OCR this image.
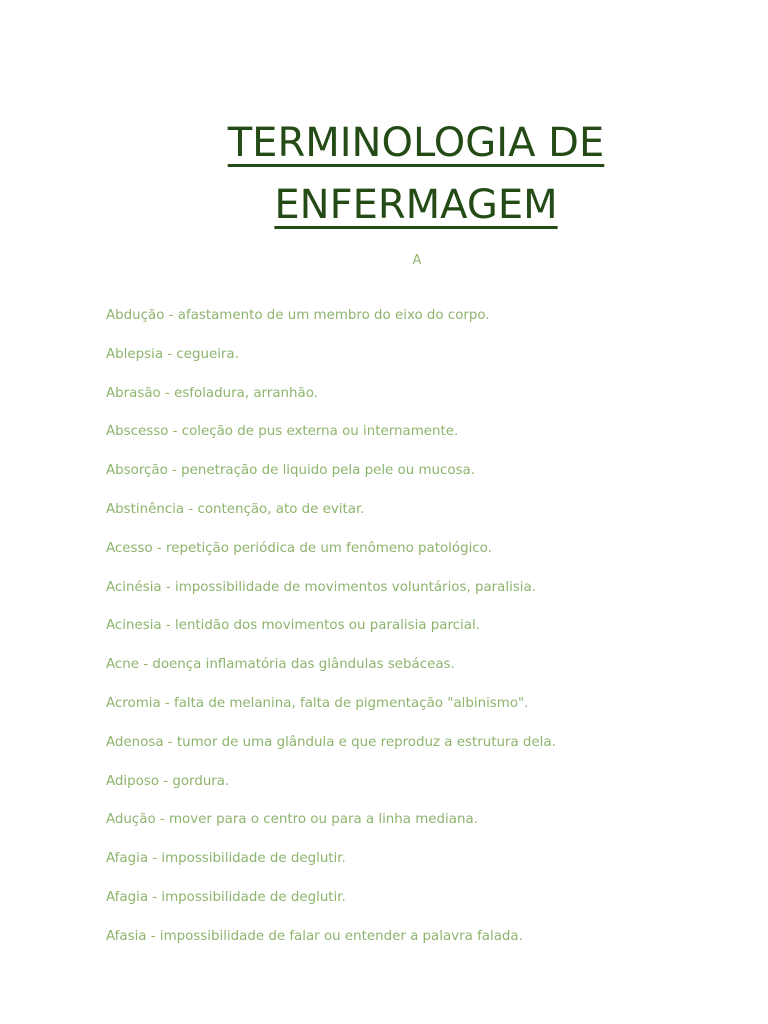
TERMINOLOGIA DE
ENFERMAGEM
A
Abdução - afastamento de um membro do eixo do corpo.
Ablepsia - cegueira.
Abrasão - esfoladura, arranhão.
Abscesso - coleção de pus externa ou internamente.
Absorção - penetração de liquido pela pele ou mucosa.
Abstinência - contenção, ato de evitar.
Acesso - repetição periódica de um fenômeno patológico.
Acinésia - impossibilidade de movimentos voluntários, paralisia.
Acinesia - lentidão dos movimentos ou paralisia parcial.
Acne - doença inflamatória das glândulas sebáceas.
Acromia - falta de melanina, falta de pigmentação "albinismo".
Adenosa - tumor de uma glândula e que reproduz a estrutura dela.
Adiposo - gordura.
Adução - mover para o centro ou para a linha mediana.
Afagia - impossibilidade de deglutir.
Afagia - impossibilidade de deglutir.
Afasia - impossibilidade de falar ou entender a palavra falada.
